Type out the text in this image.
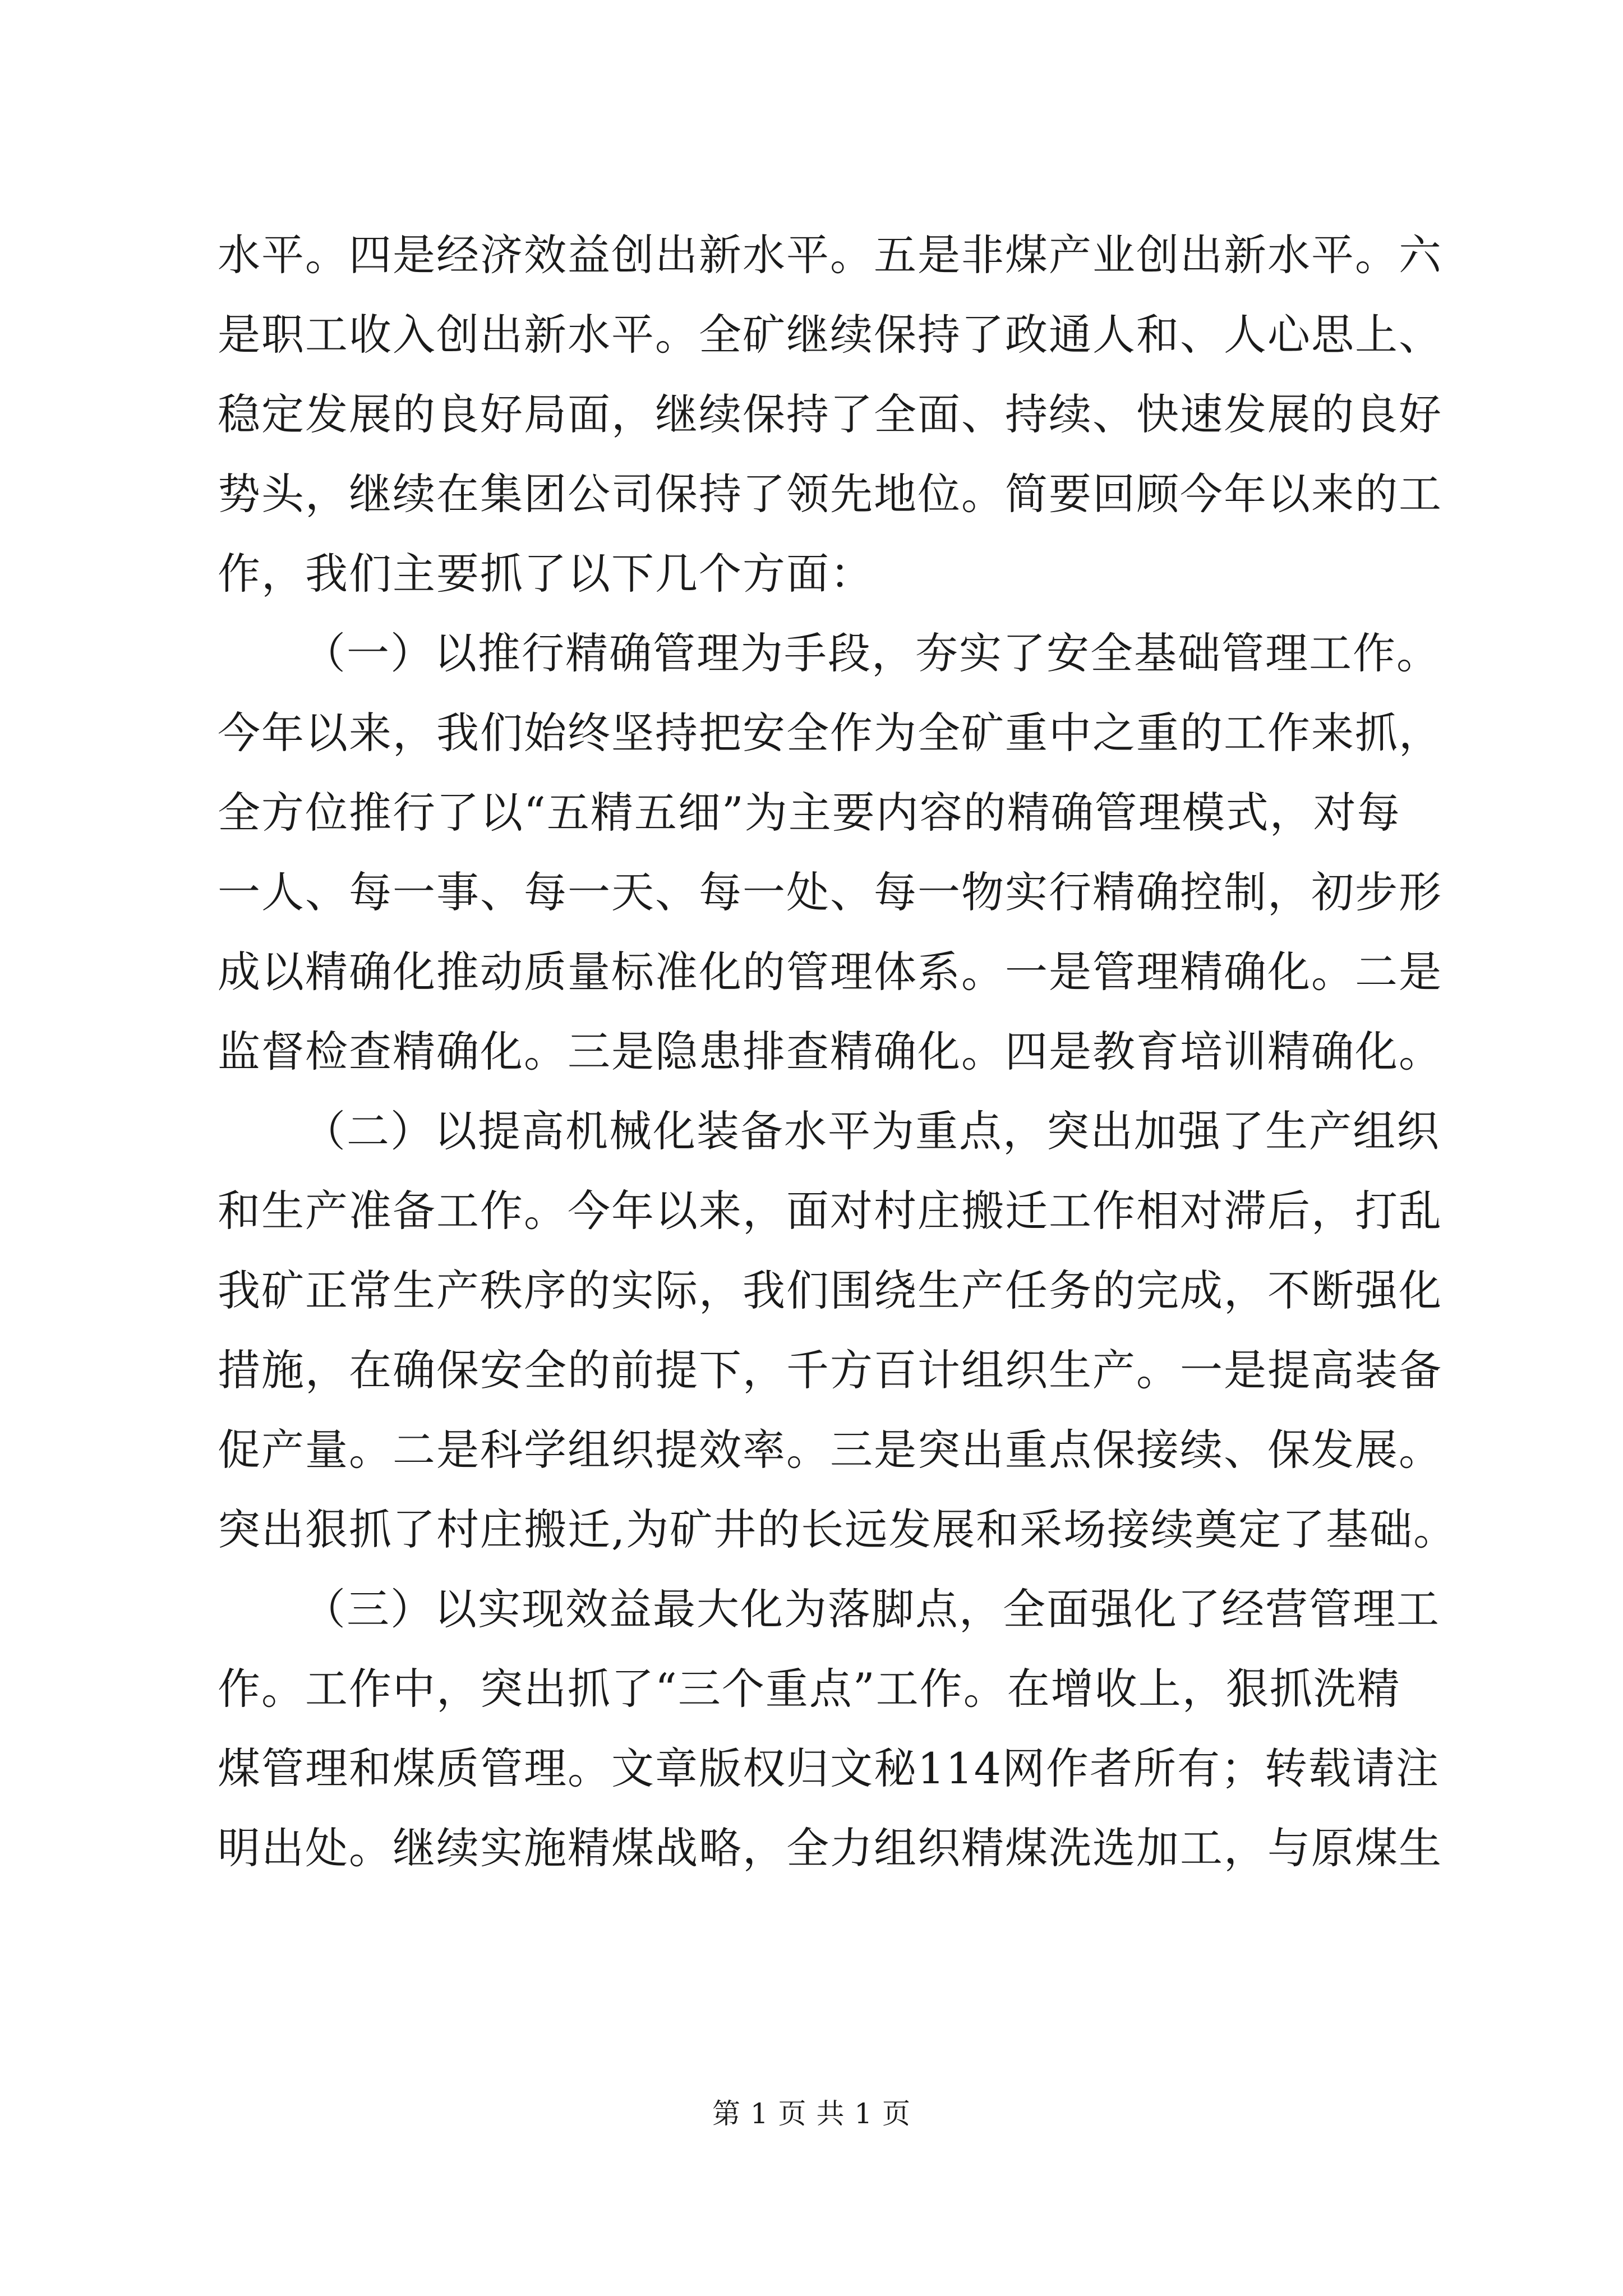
水平。四是经济效益创出新水平。五是非煤产业创出新水平。六
是职工收入创出新水平。全矿继续保持了政通人和、人心思上、
稳定发展的良好局面，继续保持了全面、持续、快速发展的良好
势头，继续在集团公司保持了领先地位。简要回顾今年以来的工
作，我们主要抓了以下几个方面：
（一）以推行精确管理为手段，夯实了安全基础管理工作。
今年以来，我们始终坚持把安全作为全矿重中之重的工作来抓，
全方位推行了以“五精五细”为主要内容的精确管理模式，对每
一人、每一事、每一天、每一处、每一物实行精确控制，初步形
成以精确化推动质量标准化的管理体系。一是管理精确化。二是
监督检查精确化。三是隐患排查精确化。四是教育培训精确化。
（二）以提高机械化装备水平为重点，突出加强了生产组织
和生产准备工作。今年以来，面对村庄搬迁工作相对滞后，打乱
我矿正常生产秩序的实际，我们围绕生产任务的完成，不断强化
措施，在确保安全的前提下，千方百计组织生产。一是提高装备
促产量。二是科学组织提效率。三是突出重点保接续、保发展。
突出狠抓了村庄搬迁,为矿井的长远发展和采场接续奠定了基础。
（三）以实现效益最大化为落脚点，全面强化了经营管理工
作。工作中，突出抓了“三个重点”工作。在增收上，狠抓洗精
煤管理和煤质管理。文章版权归文秘114网作者所有；转载请注
明出处。继续实施精煤战略，全力组织精煤洗选加工，与原煤生
第 1 页 共 1 页
